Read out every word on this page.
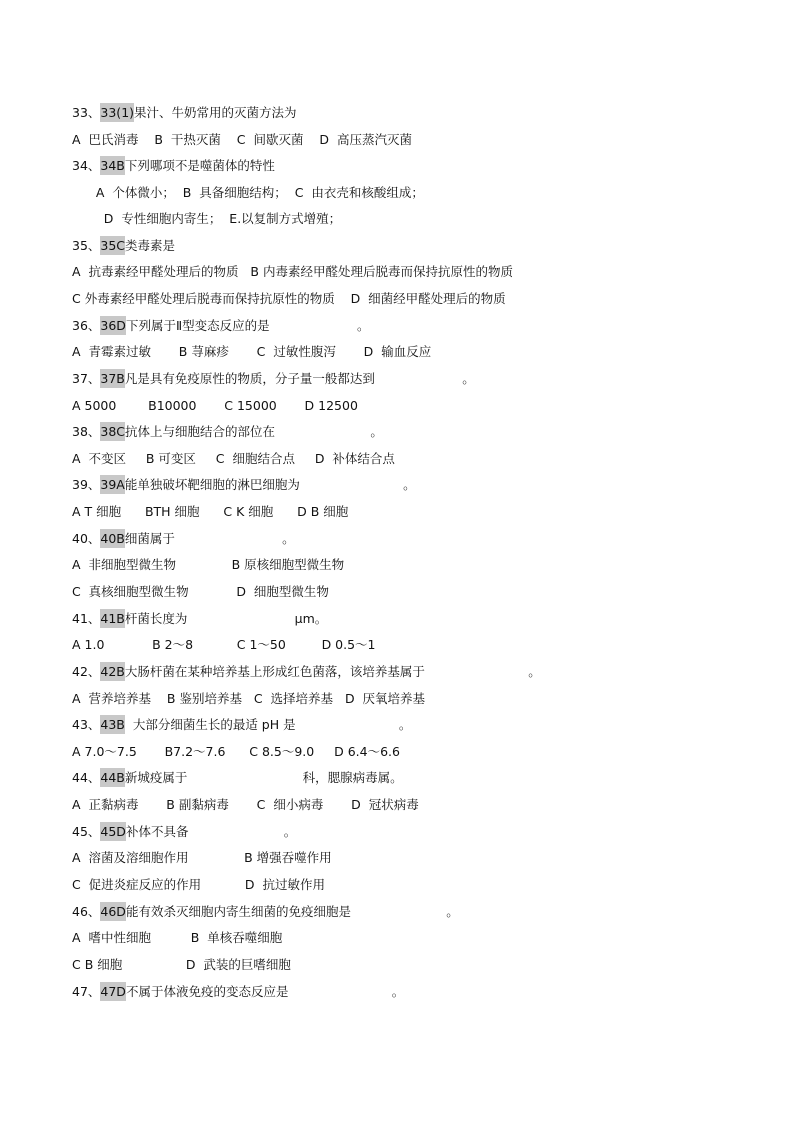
33、33(1)果汁、牛奶常用的灭菌方法为
A  巴氏消毒    B  干热灭菌    C  间歇灭菌    D  高压蒸汽灭菌
34、34B下列哪项不是噬菌体的特性
A  个体微小；  B  具备细胞结构；  C  由衣壳和核酸组成；
D  专性细胞内寄生；  E.以复制方式增殖；
35、35C类毒素是
A  抗毒素经甲醛处理后的物质   B 内毒素经甲醛处理后脱毒而保持抗原性的物质
C 外毒素经甲醛处理后脱毒而保持抗原性的物质    D  细菌经甲醛处理后的物质
36、36D下列属于Ⅱ型变态反应的是                      。
A  青霉素过敏       B 荨麻疹       C  过敏性腹泻       D  输血反应
37、37B凡是具有免疫原性的物质，分子量一般都达到                      。
A 5000        B10000       C 15000       D 12500
38、38C抗体上与细胞结合的部位在                        。
A  不变区     B 可变区     C  细胞结合点     D  补体结合点
39、39A能单独破坏靶细胞的淋巴细胞为                          。
A T 细胞      BTH 细胞      C K 细胞      D B 细胞
40、40B细菌属于                           。
A  非细胞型微生物              B 原核细胞型微生物
C  真核细胞型微生物            D  细胞型微生物
41、41B杆菌长度为                           μm。
A 1.0            B 2～8           C 1～50         D 0.5～1
42、42B大肠杆菌在某种培养基上形成红色菌落，该培养基属于                          。
A  营养培养基    B 鉴别培养基   C  选择培养基   D  厌氧培养基
43、43B  大部分细菌生长的最适 pH 是                          。
A 7.0～7.5       B7.2～7.6      C 8.5～9.0     D 6.4～6.6
44、44B新城疫属于                             科，腮腺病毒属。
A  正黏病毒       B 副黏病毒       C  细小病毒       D  冠状病毒
45、45D补体不具备                        。
A  溶菌及溶细胞作用              B 增强吞噬作用
C  促进炎症反应的作用           D  抗过敏作用
46、46D能有效杀灭细胞内寄生细菌的免疫细胞是                        。
A  嗜中性细胞          B  单核吞噬细胞
C B 细胞                D  武装的巨嗜细胞
47、47D不属于体液免疫的变态反应是                          。
